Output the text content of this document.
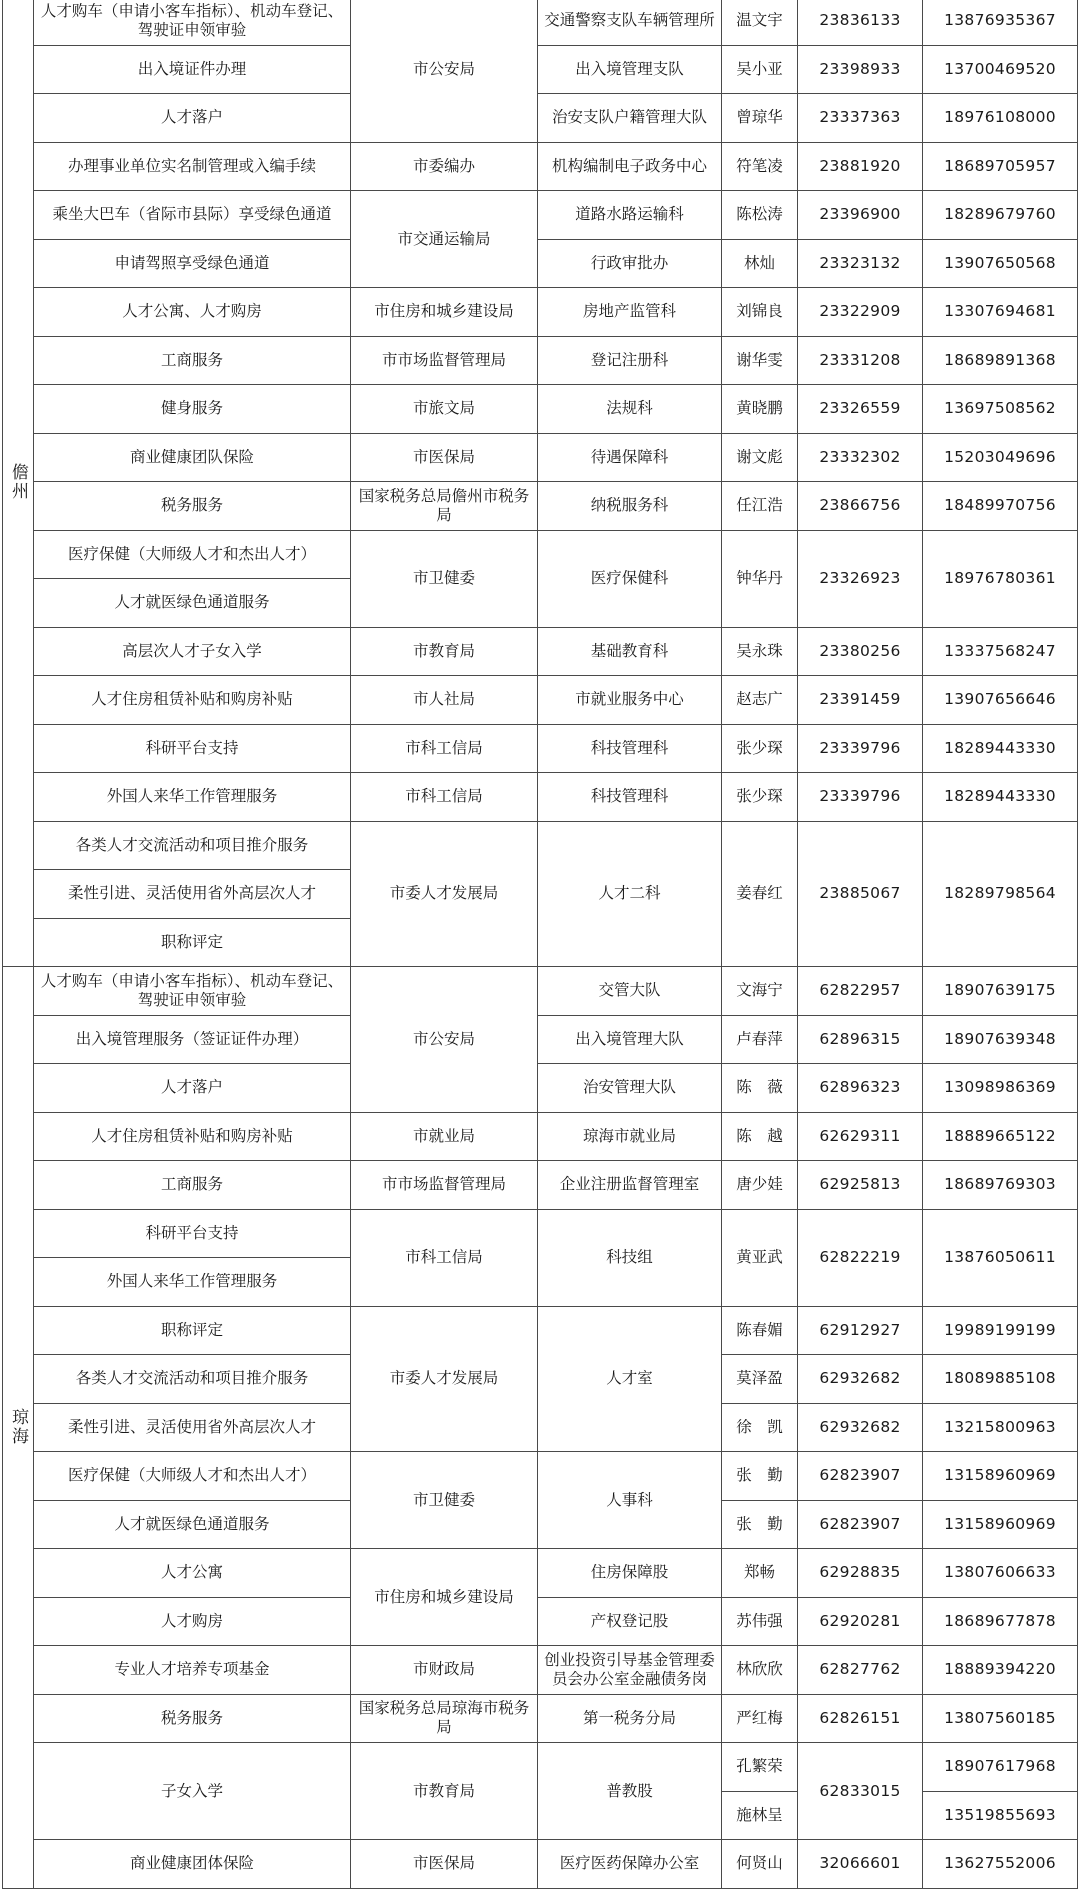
儋州	人才购车（申请小客车指标）、机动车登记、驾驶证申领审验	市公安局	交通警察支队车辆管理所	温文宇	23836133	13876935367
	出入境证件办理		出入境管理支队	吴小亚	23398933	13700469520
	人才落户		治安支队户籍管理大队	曾琼华	23337363	18976108000
	办理事业单位实名制管理或入编手续	市委编办	机构编制电子政务中心	符笔凌	23881920	18689705957
	乘坐大巴车（省际市县际）享受绿色通道	市交通运输局	道路水路运输科	陈松涛	23396900	18289679760
	申请驾照享受绿色通道		行政审批办	林灿	23323132	13907650568
	人才公寓、人才购房	市住房和城乡建设局	房地产监管科	刘锦良	23322909	13307694681
	工商服务	市市场监督管理局	登记注册科	谢华雯	23331208	18689891368
	健身服务	市旅文局	法规科	黄晓鹏	23326559	13697508562
	商业健康团队保险	市医保局	待遇保障科	谢文彪	23332302	15203049696
	税务服务	国家税务总局儋州市税务局	纳税服务科	任江浩	23866756	18489970756
	医疗保健（大师级人才和杰出人才）	市卫健委	医疗保健科	钟华丹	23326923	18976780361
	人才就医绿色通道服务					
	高层次人才子女入学	市教育局	基础教育科	吴永珠	23380256	13337568247
	人才住房租赁补贴和购房补贴	市人社局	市就业服务中心	赵志广	23391459	13907656646
	科研平台支持	市科工信局	科技管理科	张少琛	23339796	18289443330
	外国人来华工作管理服务	市科工信局	科技管理科	张少琛	23339796	18289443330
	各类人才交流活动和项目推介服务	市委人才发展局	人才二科	姜春红	23885067	18289798564
	柔性引进、灵活使用省外高层次人才					
	职称评定					
琼海	人才购车（申请小客车指标）、机动车登记、驾驶证申领审验	市公安局	交管大队	文海宁	62822957	18907639175
	出入境管理服务（签证证件办理）		出入境管理大队	卢春萍	62896315	18907639348
	人才落户		治安管理大队	陈　薇	62896323	13098986369
	人才住房租赁补贴和购房补贴	市就业局	琼海市就业局	陈　越	62629311	18889665122
	工商服务	市市场监督管理局	企业注册监督管理室	唐少娃	62925813	18689769303
	科研平台支持	市科工信局	科技组	黄亚武	62822219	13876050611
	外国人来华工作管理服务					
	职称评定	市委人才发展局	人才室	陈春媚	62912927	19989199199
	各类人才交流活动和项目推介服务			莫泽盈	62932682	18089885108
	柔性引进、灵活使用省外高层次人才			徐　凯	62932682	13215800963
	医疗保健（大师级人才和杰出人才）	市卫健委	人事科	张　勤	62823907	13158960969
	人才就医绿色通道服务			张　勤	62823907	13158960969
	人才公寓	市住房和城乡建设局	住房保障股	郑畅	62928835	13807606633
	人才购房		产权登记股	苏伟强	62920281	18689677878
	专业人才培养专项基金	市财政局	创业投资引导基金管理委员会办公室金融债务岗	林欣欣	62827762	18889394220
	税务服务	国家税务总局琼海市税务局	第一税务分局	严红梅	62826151	13807560185
	子女入学	市教育局	普教股	孔繁荣	62833015	18907617968
				施林呈		13519855693
	商业健康团体保险	市医保局	医疗医药保障办公室	何贤山	32066601	13627552006
